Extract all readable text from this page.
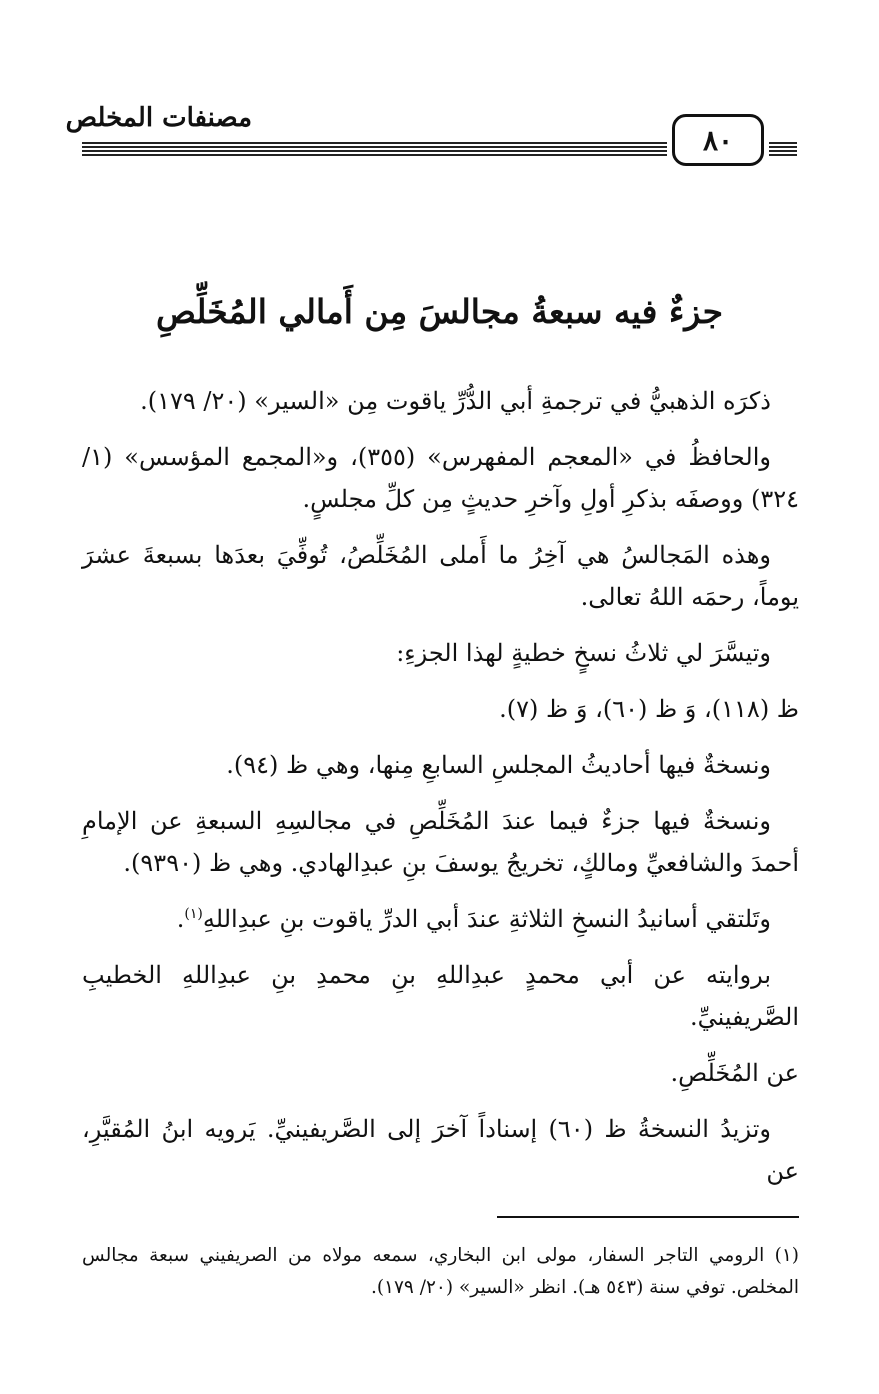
٨٠
مصنفات المخلص
جزءٌ فيه سبعةُ مجالسَ مِن أَمالي المُخَلِّصِ

ذكرَه الذهبيُّ في ترجمةِ أبي الدُّرِّ ياقوت مِن «السير» (٢٠/ ١٧٩).

والحافظُ في «المعجم المفهرس» (٣٥٥)، و«المجمع المؤسس» (١/ ٣٢٤) ووصفَه بذكرِ أولِ وآخرِ حديثٍ مِن كلِّ مجلسٍ.

وهذه المَجالسُ هي آخِرُ ما أَملى المُخَلِّصُ، تُوفِّيَ بعدَها بسبعةَ عشرَ يوماً، رحمَه اللهُ تعالى.

وتيسَّرَ لي ثلاثُ نسخٍ خطيةٍ لهذا الجزءِ:

ظ (١١٨)، وَ ظ (٦٠)، وَ ظ (٧).

ونسخةٌ فيها أحاديثُ المجلسِ السابعِ مِنها، وهي ظ (٩٤).

ونسخةٌ فيها جزءٌ فيما عندَ المُخَلِّصِ في مجالسِهِ السبعةِ عن الإمامِ أحمدَ والشافعيِّ ومالكٍ، تخريجُ يوسفَ بنِ عبدِالهادي. وهي ظ (٩٣٩٠).

وتَلتقي أسانيدُ النسخِ الثلاثةِ عندَ أبي الدرِّ ياقوت بنِ عبدِاللهِ$^{(١)}$.

بروايته عن أبي محمدٍ عبدِاللهِ بنِ محمدِ بنِ عبدِاللهِ الخطيبِ الصَّريفينيِّ.

عن المُخَلِّصِ.

وتزيدُ النسخةُ ظ (٦٠) إسناداً آخرَ إلى الصَّريفينيِّ. يَرويه ابنُ المُقيَّرِ، عن

(١) الرومي التاجر السفار، مولى ابن البخاري، سمعه مولاه من الصريفيني سبعة مجالس المخلص. توفي سنة (٥٤٣ هـ). انظر «السير» (٢٠/ ١٧٩).
